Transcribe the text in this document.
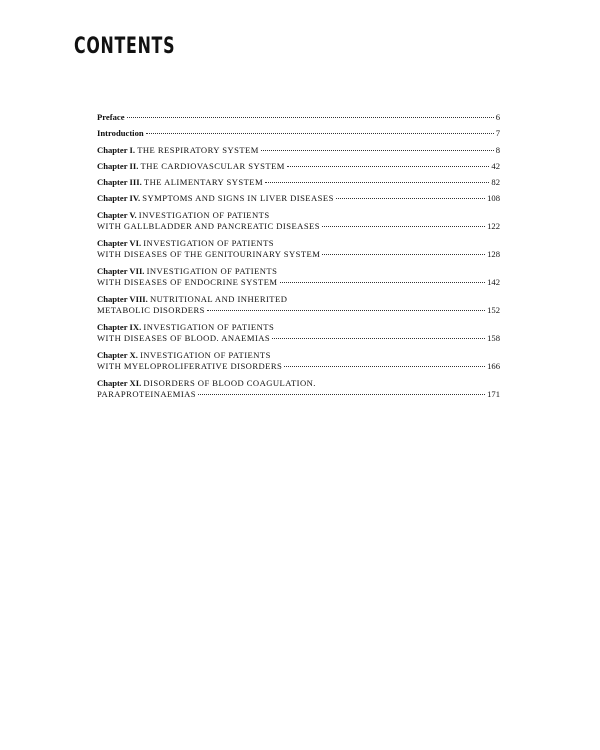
CONTENTS
Preface	6
Introduction	7
Chapter I. THE RESPIRATORY SYSTEM	8
Chapter II. THE CARDIOVASCULAR SYSTEM	42
Chapter III. THE ALIMENTARY SYSTEM	82
Chapter IV. SYMPTOMS AND SIGNS IN LIVER DISEASES	108
Chapter V. INVESTIGATION OF PATIENTS
WITH GALLBLADDER AND PANCREATIC DISEASES	122
Chapter VI. INVESTIGATION OF PATIENTS
WITH DISEASES OF THE GENITOURINARY SYSTEM	128
Chapter VII. INVESTIGATION OF PATIENTS
WITH DISEASES OF ENDOCRINE SYSTEM	142
Chapter VIII. NUTRITIONAL AND INHERITED
METABOLIC DISORDERS	152
Chapter IX. INVESTIGATION OF PATIENTS
WITH DISEASES OF BLOOD. ANAEMIAS	158
Chapter X. INVESTIGATION OF PATIENTS
WITH MYELOPROLIFERATIVE DISORDERS	166
Chapter XI. DISORDERS OF BLOOD COAGULATION.
PARAPROTEINAEMIAS	171
